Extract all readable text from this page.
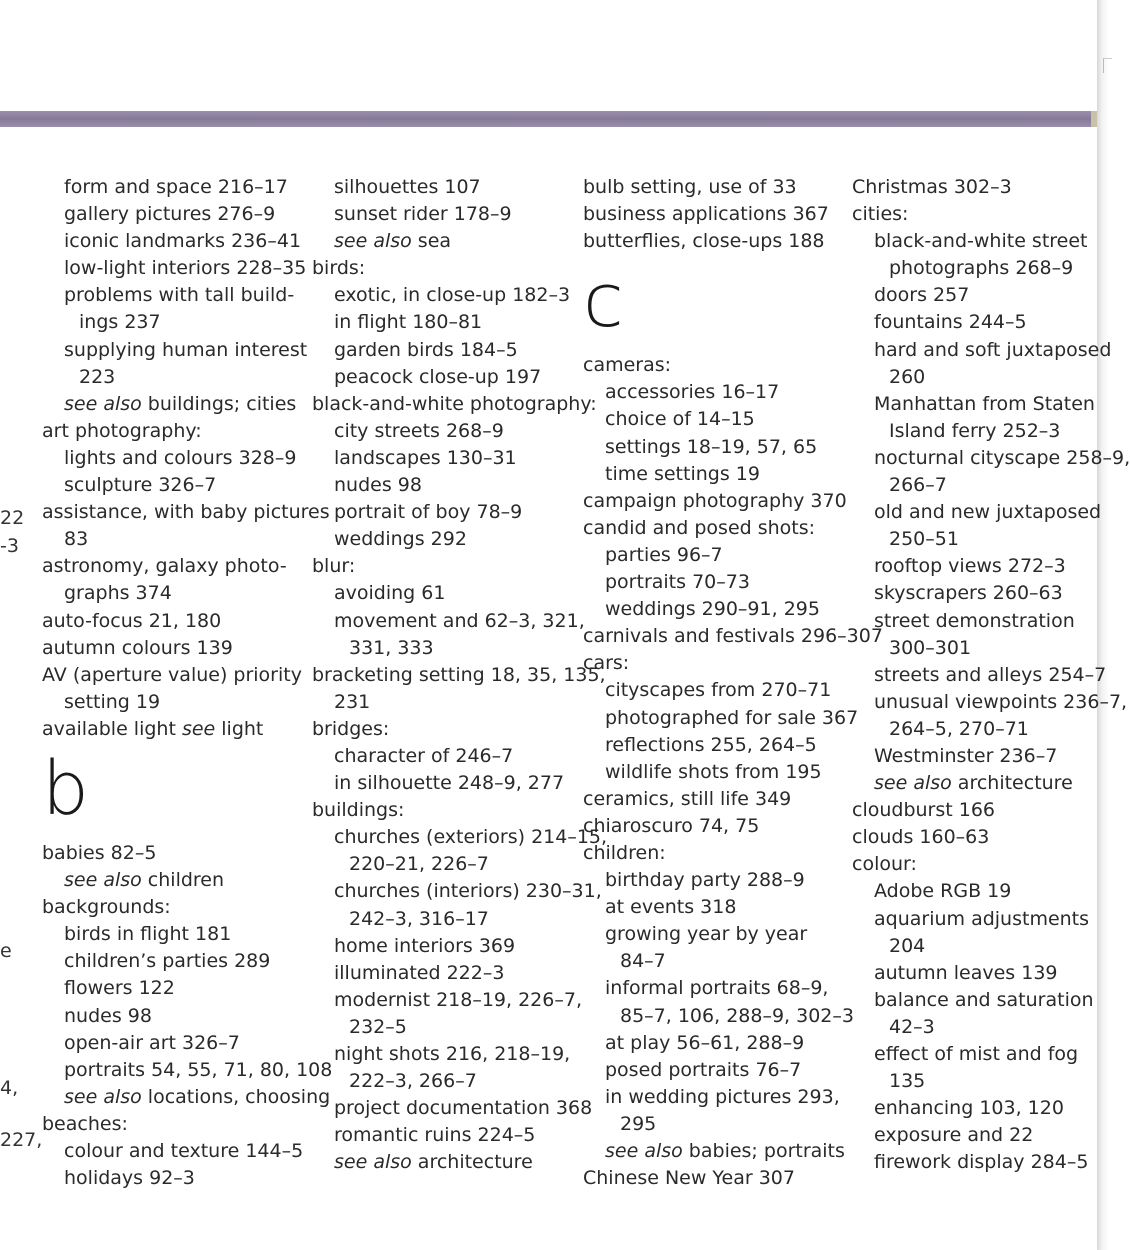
22
-3
e
4,
227,
form and space 216–17
gallery pictures 276–9
iconic landmarks 236–41
low-light interiors 228–35
problems with tall build-
ings 237
supplying human interest
223
see also buildings; cities
art photography:
lights and colours 328–9
sculpture 326–7
assistance, with baby pictures
83
astronomy, galaxy photo-
graphs 374
auto-focus 21, 180
autumn colours 139
AV (aperture value) priority
setting 19
available light see light
b
babies 82–5
see also children
backgrounds:
birds in flight 181
children’s parties 289
flowers 122
nudes 98
open-air art 326–7
portraits 54, 55, 71, 80, 108
see also locations, choosing
beaches:
colour and texture 144–5
holidays 92–3
silhouettes 107
sunset rider 178–9
see also sea
birds:
exotic, in close-up 182–3
in flight 180–81
garden birds 184–5
peacock close-up 197
black-and-white photography:
city streets 268–9
landscapes 130–31
nudes 98
portrait of boy 78–9
weddings 292
blur:
avoiding 61
movement and 62–3, 321,
331, 333
bracketing setting 18, 35, 135,
231
bridges:
character of 246–7
in silhouette 248–9, 277
buildings:
churches (exteriors) 214–15,
220–21, 226–7
churches (interiors) 230–31,
242–3, 316–17
home interiors 369
illuminated 222–3
modernist 218–19, 226–7,
232–5
night shots 216, 218–19,
222–3, 266–7
project documentation 368
romantic ruins 224–5
see also architecture
bulb setting, use of 33
business applications 367
butterflies, close-ups 188
c
cameras:
accessories 16–17
choice of 14–15
settings 18–19, 57, 65
time settings 19
campaign photography 370
candid and posed shots:
parties 96–7
portraits 70–73
weddings 290–91, 295
carnivals and festivals 296–307
cars:
cityscapes from 270–71
photographed for sale 367
reflections 255, 264–5
wildlife shots from 195
ceramics, still life 349
chiaroscuro 74, 75
children:
birthday party 288–9
at events 318
growing year by year
84–7
informal portraits 68–9,
85–7, 106, 288–9, 302–3
at play 56–61, 288–9
posed portraits 76–7
in wedding pictures 293,
295
see also babies; portraits
Chinese New Year 307
Christmas 302–3
cities:
black-and-white street
photographs 268–9
doors 257
fountains 244–5
hard and soft juxtaposed
260
Manhattan from Staten
Island ferry 252–3
nocturnal cityscape 258–9,
266–7
old and new juxtaposed
250–51
rooftop views 272–3
skyscrapers 260–63
street demonstration
300–301
streets and alleys 254–7
unusual viewpoints 236–7,
264–5, 270–71
Westminster 236–7
see also architecture
cloudburst 166
clouds 160–63
colour:
Adobe RGB 19
aquarium adjustments
204
autumn leaves 139
balance and saturation
42–3
effect of mist and fog
135
enhancing 103, 120
exposure and 22
firework display 284–5
